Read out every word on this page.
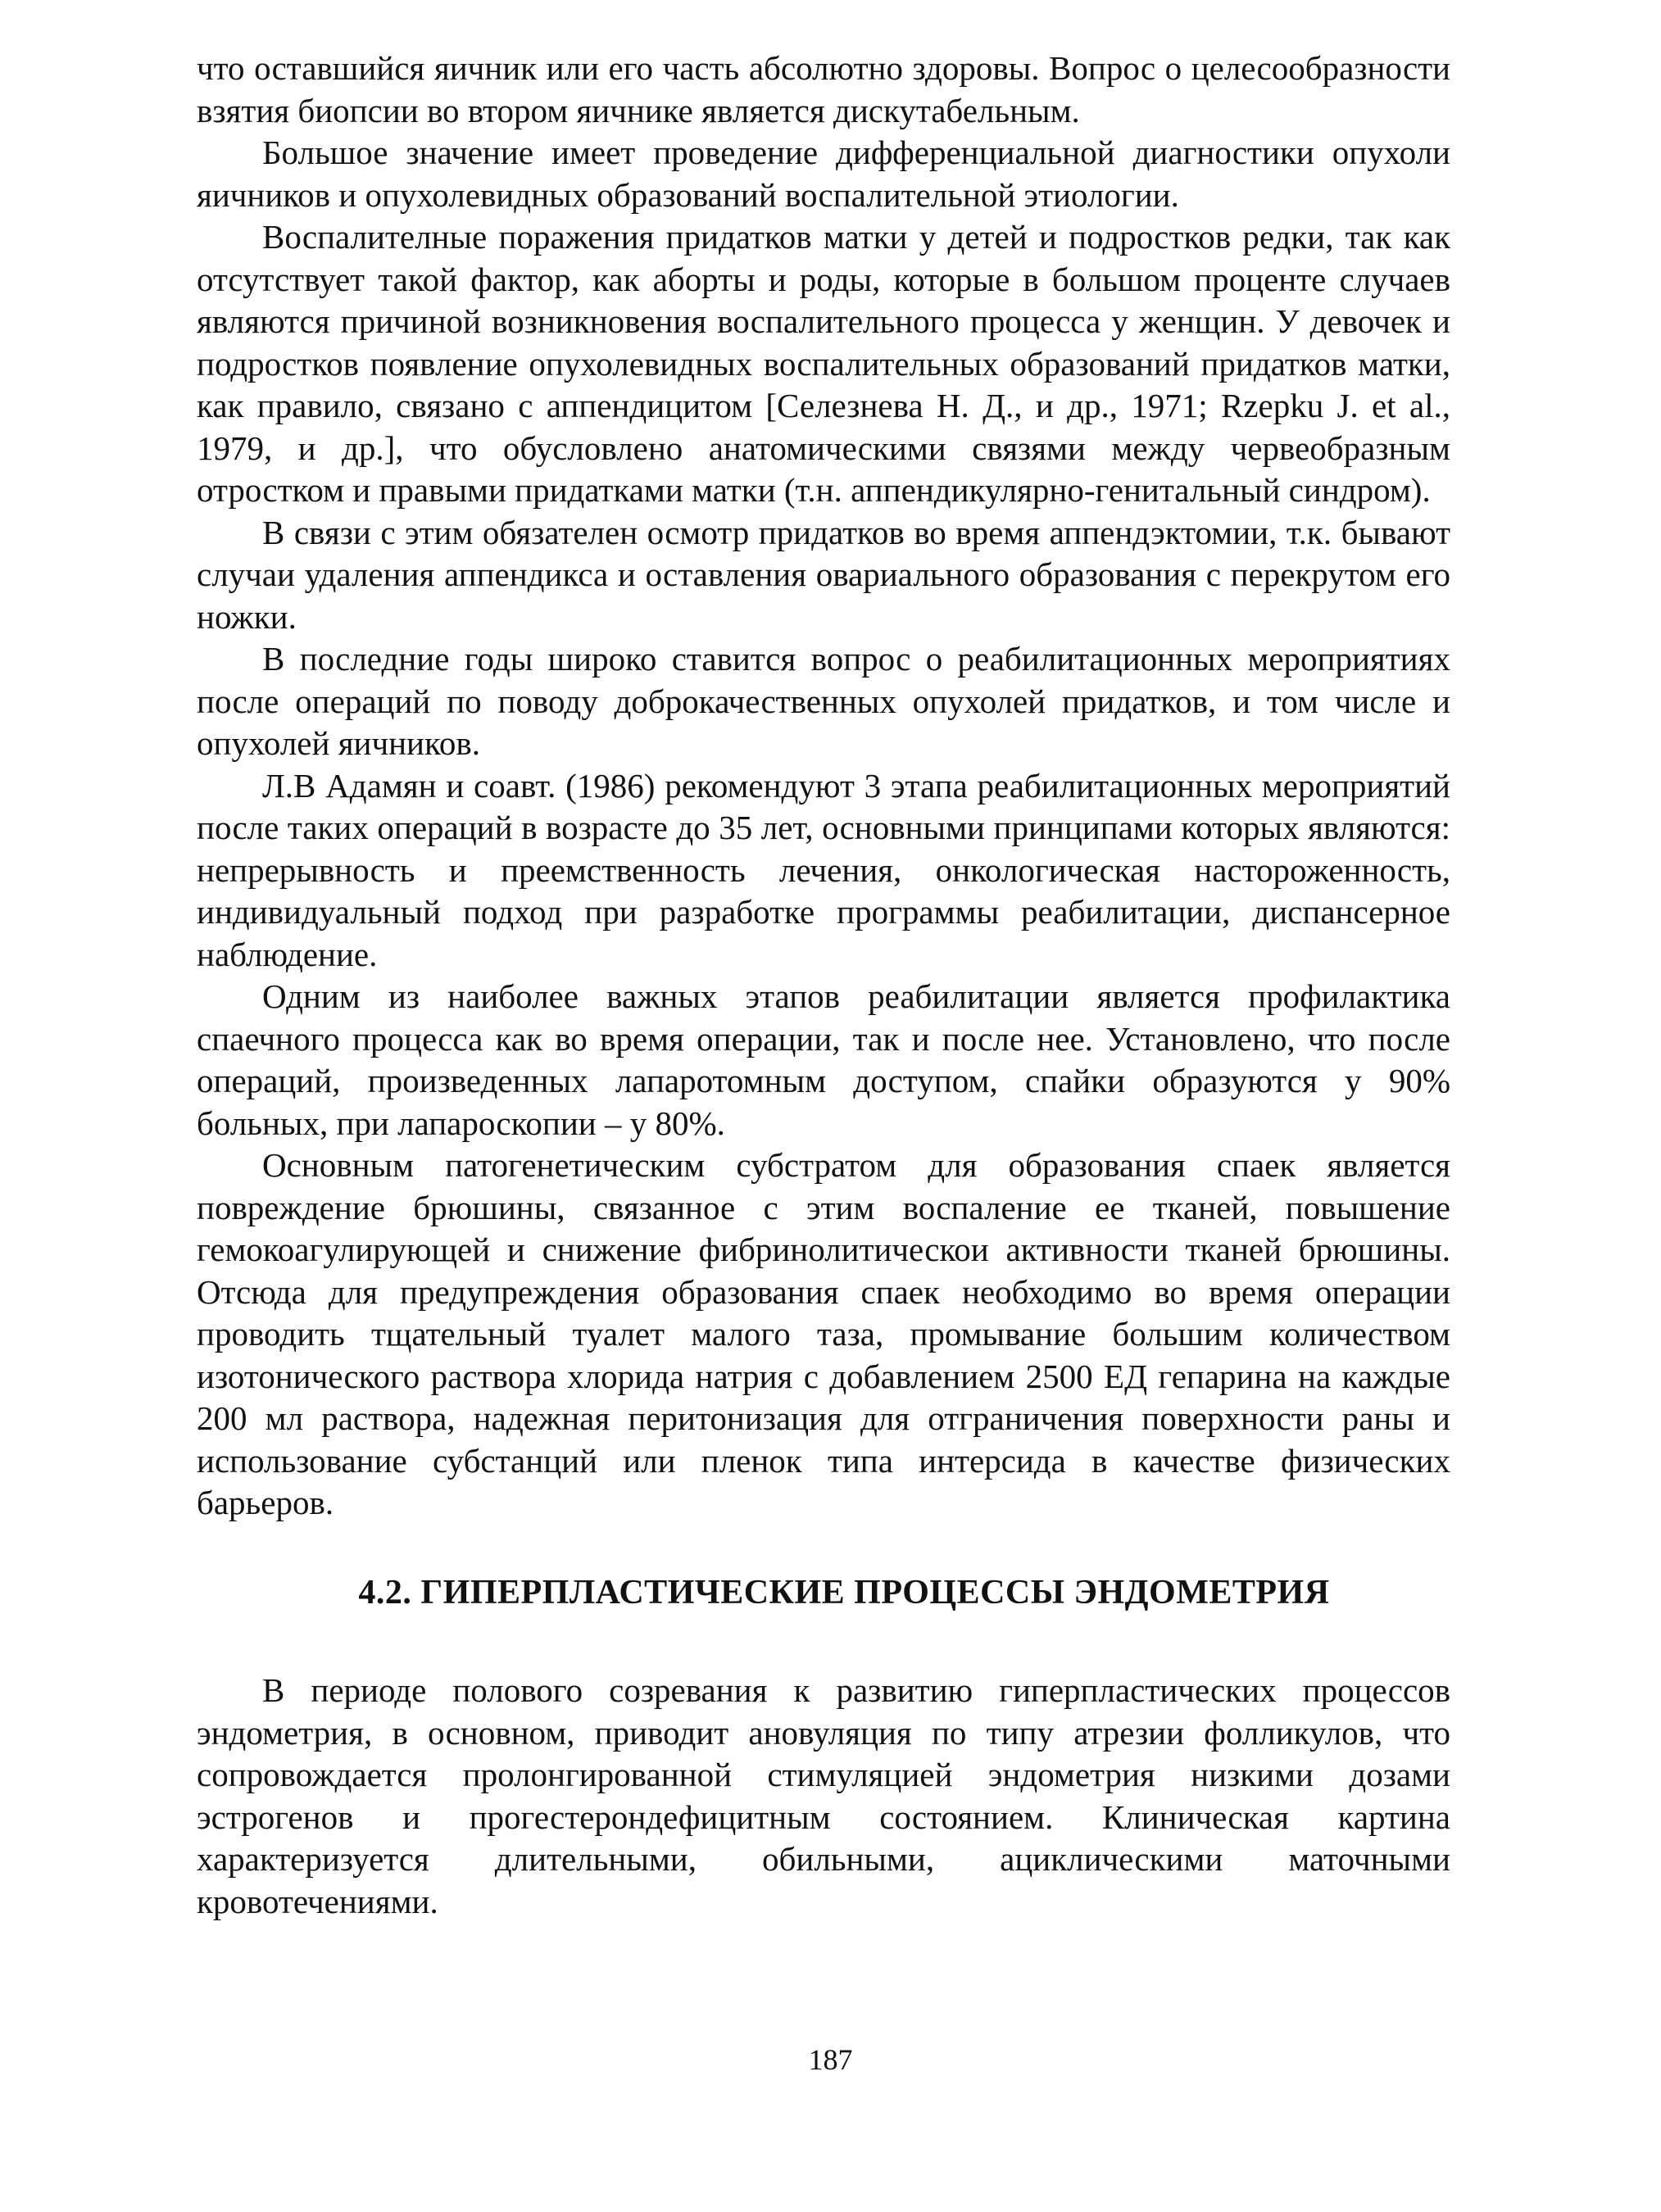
что оставшийся яичник или его часть абсолютно здоровы. Вопрос о целесообразности взятия биопсии во втором яичнике является дискутабельным.

Большое значение имеет проведение дифференциальной диагностики опухоли яичников и опухолевидных образований воспалительной этиологии.

Воспалителные поражения придатков матки у детей и подростков редки, так как отсутствует такой фактор, как аборты и роды, которые в большом проценте случаев являются причиной возникновения воспалительного процесса у женщин. У девочек и подростков появление опухолевидных воспалительных образований придатков матки, как правило, связано с аппендицитом [Селезнева Н. Д., и др., 1971; Rzepku J. et al., 1979, и др.], что обусловлено анатомическими связями между червеобразным отростком и правыми придатками матки (т.н. аппендикулярно-генитальный синдром).

В связи с этим обязателен осмотр придатков во время аппендэктомии, т.к. бывают случаи удаления аппендикса и оставления овариального образования с перекрутом его ножки.

В последние годы широко ставится вопрос о реабилитационных мероприятиях после операций по поводу доброкачественных опухолей придатков, и том числе и опухолей яичников.

Л.В Адамян и соавт. (1986) рекомендуют 3 этапа реабилитационных мероприятий после таких операций в возрасте до 35 лет, основными принципами которых являются: непрерывность и преемственность лечения, онкологическая настороженность, индивидуальный подход при разработке программы реабилитации, диспансерное наблюдение.

Одним из наиболее важных этапов реабилитации является профилактика спаечного процесса как во время операции, так и после нее. Установлено, что после операций, произведенных лапаротомным доступом, спайки образуются у 90% больных, при лапароскопии – у 80%.

Основным патогенетическим субстратом для образования спаек является повреждение брюшины, связанное с этим воспаление ее тканей, повышение гемокоагулирующей и снижение фибринолитическои активности тканей брюшины. Отсюда для предупреждения образования спаек необходимо во время операции проводить тщательный туалет малого таза, промывание большим количеством изотонического раствора хлорида натрия с добавлением 2500 ЕД гепарина на каждые 200 мл раствора, надежная перитонизация для отграничения поверхности раны и использование субстанций или пленок типа интерсида в качестве физических барьеров.

4.2. ГИПЕРПЛАСТИЧЕСКИЕ ПРОЦЕССЫ ЭНДОМЕТРИЯ

В периоде полового созревания к развитию гиперпластических процессов эндометрия, в основном, приводит ановуляция по типу атрезии фолликулов, что сопровождается пролонгированной стимуляцией эндометрия низкими дозами эстрогенов и прогестерондефицитным состоянием. Клиническая картина характеризуется длительными, обильными, ациклическими маточными кровотечениями.

187
